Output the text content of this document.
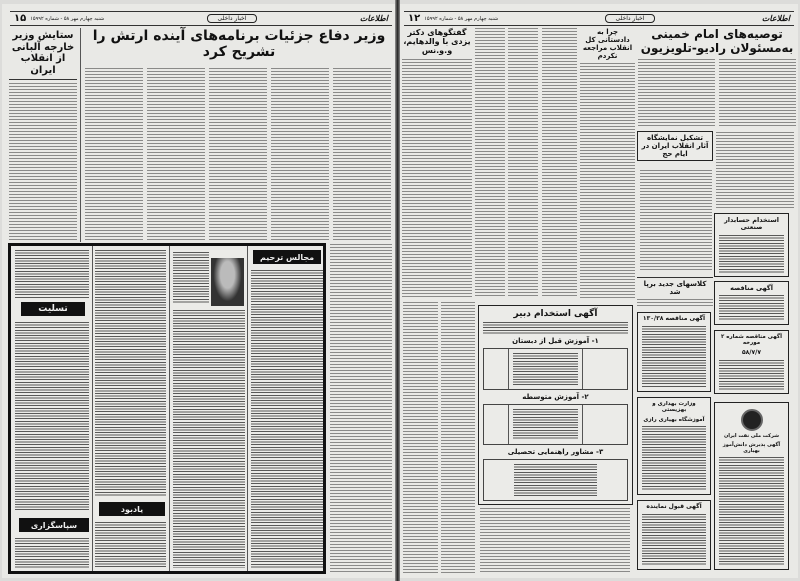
۱۵ شنبه چهارم مهر ۵۸ - شماره ۱۵۹۹۲	اخبار داخلی	اطلاعات
وزیر دفاع جزئیات برنامه‌های آینده ارتش را تشریح کرد
ستایش وزیر خارجه آلبانی از انقلاب ایران
تسلیت
سپاسگزاری
یادبود
مجالس ترحیم
۱۲ شنبه چهارم مهر ۵۸ - شماره ۱۵۹۹۲	اخبار داخلی	اطلاعات
گفتگوهای دکتر یزدی با والدهایم، و.و.نس
چرا به دادستانی کل انقلاب مراجعه نکردم
توصیه‌های امام خمینی
به‌مسئولان رادیو-تلویزیون
تشکیل نمایشگاه آثار انقلاب ایران در ایام حج
استخدام حسابدار صنعتی
کلاسهای جدید برپا شد
آگهی مناقصه
آگهی استخدام دبیر
۱- آموزش قبل از دبستان
۲- آموزش متوسطه
۳- مشاور راهنمایی تحصیلی
آگهی مناقصه ۱۳۰/۳۸
آگهی مناقصه شماره ۲ مورخه
۵۸/۷/۷
وزارت بهداری و بهزیستی
آموزشگاه بهیاری رازی
شرکت ملی نفت ایران
آگهی پذیرش دانش‌آموز بهیاری
آگهی قبول نماینده
